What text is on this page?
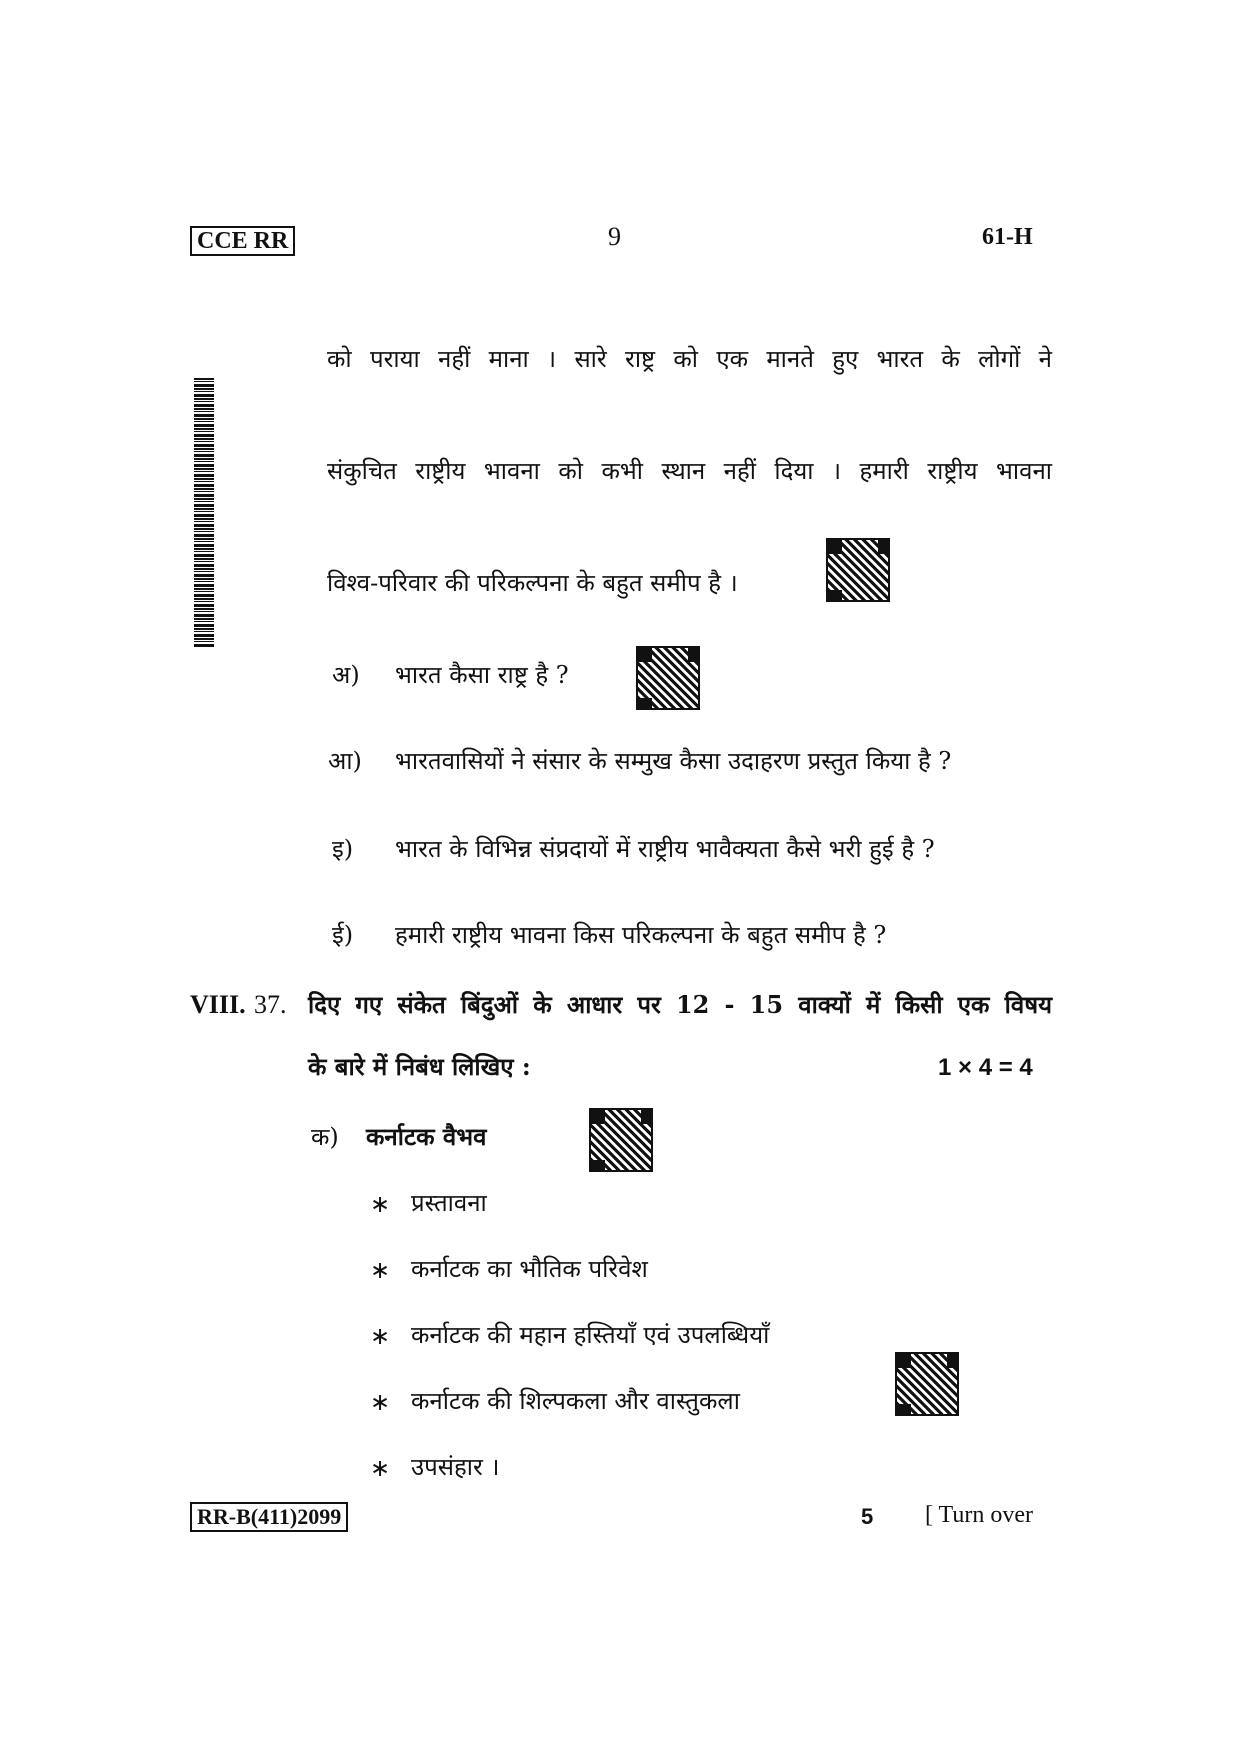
CCE RR	9	61-H
को पराया नहीं माना । सारे राष्ट्र को एक मानते हुए भारत के लोगों ने
संकुचित राष्ट्रीय भावना को कभी स्थान नहीं दिया । हमारी राष्ट्रीय भावना
विश्व-परिवार की परिकल्पना के बहुत समीप है ।
अ) भारत कैसा राष्ट्र है ?
आ) भारतवासियों ने संसार के सम्मुख कैसा उदाहरण प्रस्तुत किया है ?
इ) भारत के विभिन्न संप्रदायों में राष्ट्रीय भावैक्यता कैसे भरी हुई है ?
ई) हमारी राष्ट्रीय भावना किस परिकल्पना के बहुत समीप है ?
VIII. 37. दिए गए संकेत बिंदुओं के आधार पर 12 - 15 वाक्यों में किसी एक विषय
के बारे में निबंध लिखिए :	1 × 4 = 4
क) कर्नाटक वैभव
∗ प्रस्तावना
∗ कर्नाटक का भौतिक परिवेश
∗ कर्नाटक की महान हस्तियाँ एवं उपलब्धियाँ
∗ कर्नाटक की शिल्पकला और वास्तुकला
∗ उपसंहार ।
RR-B(411)2099	5 [ Turn over
